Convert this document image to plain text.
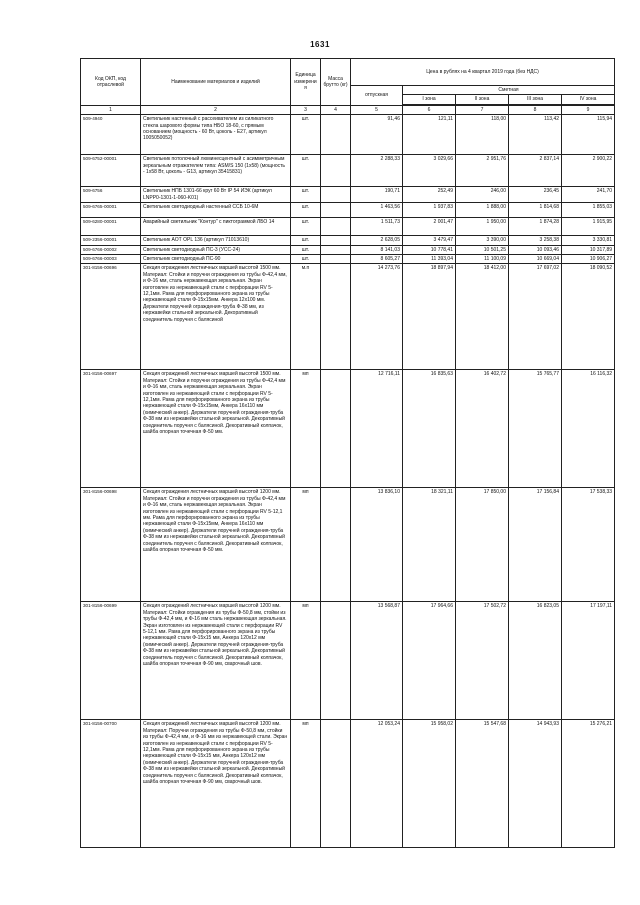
1631
Код ОКП, код отраслевой	Наименование материалов и изделий	Единица измерения	Масса брутто (кг)	Цена в рублях на 4 квартал 2019 года (без НДС)				
				отпускная	Сметная			
					I зона	II зона	III зона	IV зона

1	2	3	4	5	6	7	8	9
509-4940	Светильник настенный с рассеивателем из силикатного стекла шарового формы типа НБО 18-60, с прямым основанием (мощность - 60 Вт, цоколь - Е27, артикул 1005050052)	шт.		91,46	121,11	118,00	113,42	115,94
509-6752-00001	Светильник потолочный люминесцентный с асимметричным зеркальным отражателем типа: ASM/S 150 (1x58) (мощность - 1x58 Вт, цоколь - G13, артикул 35415831)	шт.		2 288,33	3 029,66	2 951,76	2 837,14	2 900,22
509-6756	Светильник НПБ 1301-66 круг 60 Вт IP 54 ИЭК (артикул LNPP0-1301-1-060-K01)	шт.		190,71	252,49	246,00	236,45	241,70
509-6765-00001	Светильник светодиодный настенный ССБ 10-6М	шт.		1 463,56	1 937,83	1 888,00	1 814,68	1 855,03
509-6280-00001	Аварийный светильник "Контур" с пиктограммой ЛБО 14	шт.		1 511,73	2 001,47	1 950,00	1 874,28	1 915,95
509-2356-00001	Светильник АОТ OPL 136 (артикул 71013610)	шт.		2 628,05	3 479,47	3 390,00	3 258,38	3 330,81
509-6766-00002	Светильник светодиодный ПС-3 (УСС-24)	шт.		8 141,03	10 778,41	10 501,25	10 093,46	10 317,89
509-6766-00003	Светильник светодиодный ПС-90	шт.		8 605,27	11 393,04	11 100,09	10 669,04	10 906,27
301-8156-00696	Секция ограждения лестничных маршей высотой 1500 мм. Материал: Стойки и поручни ограждения из трубы Ф-42,4 мм, и Ф-16 мм, сталь нержавеющая зеркальная. Экран изготовлен из нержавеющей стали с перфорации RV 5-12,1мм. Рама для перфорированного экрана из трубы нержавеющей стали Ф-15х15мм. Анкера 12х100 мм. Держатели поручней ограждения-труба Ф-38 мм, из нержавейки стальной зеркальной. Декоративный соединитель поручня с балясиной	м.п		14 273,76	18 897,94	18 412,00	17 697,02	18 090,52
301-8156-00697	Секция ограждений лестничных маршей высотой 1500 мм. Материал: Стойки и поручни ограждения из трубы Ф-42,4 мм и Ф-16 мм, сталь нержавеющая зеркальная. Экран изготовлен из нержавеющей стали с перфорации RV 5-12,1мм. Рама для перфорированного экрана из трубы нержавеющей стали Ф-15х15мм, Анкера 16х110 мм (химический анкер). Держатели поручней ограждения-труба Ф-38 мм из нержавейки стальной зеркальной. Декоративный соединитель поручня с балясиной. Декоративный колпачок, шайба опорная точечная Ф-50 мм.	мп		12 716,11	16 835,63	16 402,72	15 765,77	16 116,32
301-8156-00698	Секция ограждения лестничных маршей высотой 1200 мм. Материал: Стойки и поручни ограждения из трубы Ф-42,4 мм и Ф-16 мм, сталь нержавеющая зеркальная. Экран изготовлен из нержавеющей стали с перфорации RV 5-12,1 мм. Рама для перфорированного экрана из трубы нержавеющей стали Ф-15х15мм, Анкера 16х110 мм (химический анкер). Держатели поручней ограждения-труба Ф-38 мм из нержавейки стальной зеркальной. Декоративный соединитель поручня с балясиной. Декоративный колпачок, шайба опорная точечная Ф-50 мм.	мп		13 836,10	18 321,11	17 850,00	17 156,84	17 538,33
301-8156-00699	Секция ограждений лестничных маршей высотой 1200 мм. Материал: Стойки ограждения из трубы Ф-50,8 мм, стойки из трубы Ф-42,4 мм, и Ф-16 мм сталь нержавеющая зеркальная. Экран изготовлен из нержавеющей стали с перфорации RV 5-12,1 мм. Рама для перфорированного экрана из трубы нержавеющей стали Ф-15х15 мм, Анкера 120х12 мм (химический анкер). Держатели поручней ограждения-труба Ф-38 мм из нержавейки стальной зеркальной. Декоративный соединитель поручня с балясиной. Декоративный колпачок, шайба опорная точечная Ф-90 мм, сварочный шов.	мп		13 568,87	17 964,66	17 502,72	16 823,05	17 197,11
301-8156-00700	Секция ограждений лестничных маршей высотой 1200 мм. Материал: Поручни ограждения из трубы Ф-50,8 мм, стойки из трубы Ф-42,4 мм, и Ф-16 мм из нержавеющей стали. Экран изготовлен из нержавеющей стали с перфорации RV 5-12,1мм. Рама для перфорированного экрана из трубы нержавеющей стали Ф-15х15 мм, Анкера 120х12 мм (химический анкер). Держатели поручней ограждения-труба Ф-38 мм из нержавейки стальной зеркальной. Декоративный соединитель поручня с балясиной. Декоративный колпачок, шайба опорная точечная Ф-90 мм, сварочный шов.	мп		12 053,24	15 958,02	15 547,68	14 943,93	15 276,21
